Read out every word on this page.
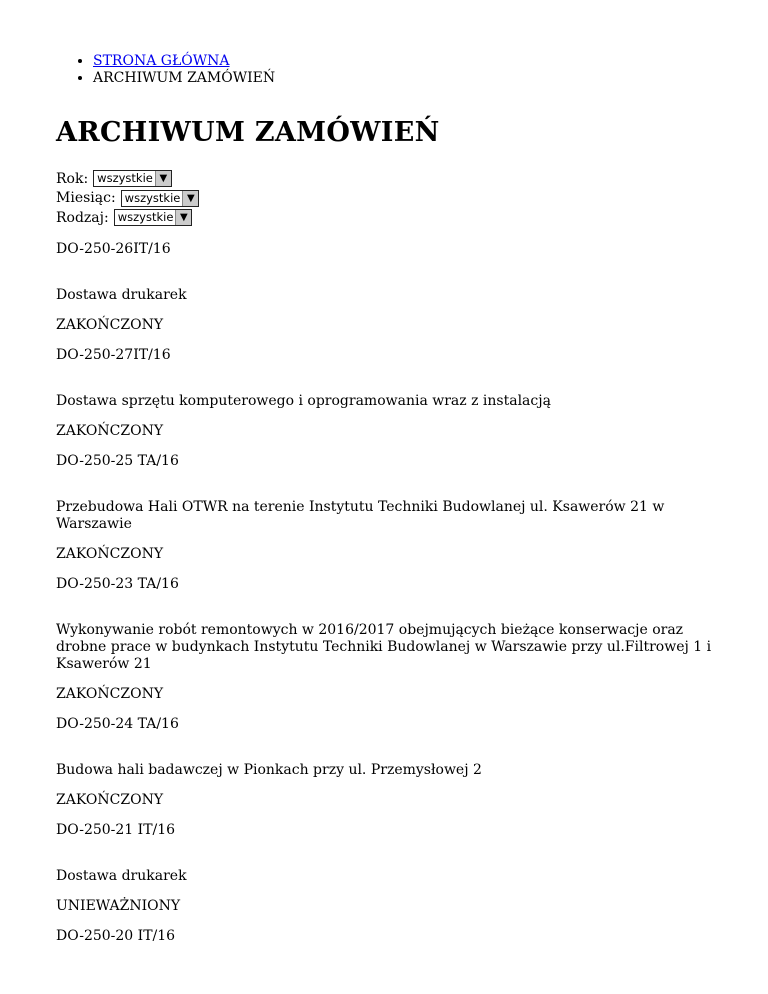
• STRONA GŁÓWNA
• ARCHIWUM ZAMÓWIEŃ
ARCHIWUM ZAMÓWIEŃ
Rok: wszystkie ▼
Miesiąc: wszystkie ▼
Rodzaj: wszystkie ▼

DO-250-26IT/16

Dostawa drukarek

ZAKOŃCZONY

DO-250-27IT/16

Dostawa sprzętu komputerowego i oprogramowania wraz z instalacją

ZAKOŃCZONY

DO-250-25 TA/16

Przebudowa Hali OTWR na terenie Instytutu Techniki Budowlanej ul. Ksawerów 21 w Warszawie

ZAKOŃCZONY

DO-250-23 TA/16

Wykonywanie robót remontowych w 2016/2017 obejmujących bieżące konserwacje oraz drobne prace w budynkach Instytutu Techniki Budowlanej w Warszawie przy ul.Filtrowej 1 i Ksawerów 21

ZAKOŃCZONY

DO-250-24 TA/16

Budowa hali badawczej w Pionkach przy ul. Przemysłowej 2

ZAKOŃCZONY

DO-250-21 IT/16

Dostawa drukarek

UNIEWAŻNIONY

DO-250-20 IT/16
